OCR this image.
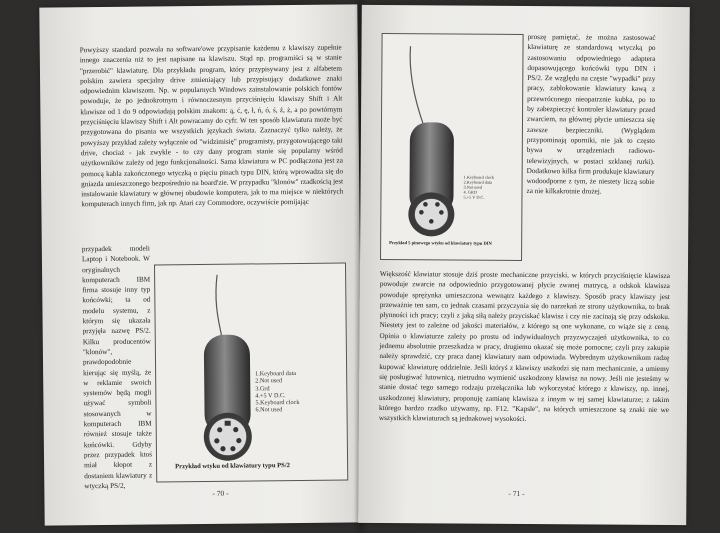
Powyższy standard pozwala na software'owe przypisanie każdemu z klawiszy zupełnie innego znaczenia niż to jest napisane na klawiszu. Stąd np. programiści są w stanie "przerobić" klawiaturę. Dla przykładu program, który przypisywany jest z alfabetem polskim zawiera specjalny drive zmieniający lub przypisujący dodatkowe znaki odpowiednim klawiszom. Np. w popularnych Windows zainstalowanie polskich fontów powoduje, że po jednokrotnym i równoczesnym przyciśnięciu klawiszy Shift i Alt klawisze od 1 do 9 odpowiadają polskim znakom: ą, ć, ę, ł, ń, ó, ś, ź, ż, a po powtórnym przyciśnięciu klawiszy Shift i Alt powracamy do cyfr. W ten sposób klawiatura może być przygotowana do pisania we wszystkich językach świata. Zaznaczyć tylko należy, że powyższy przykład zależy wyłącznie od "widzimisię" programisty, przygotowującego taki drive, chociaż - jak zwykle - to czy dany program stanie się popularny wśród użytkowników zależy od jego funkcjonalności. Sama klawiatura w PC podłączona jest za pomocą kabla zakończonego wtyczką o pięciu pinach typu DIN, którą wprowadza się do gniazda umieszczonego bezpośrednio na board'zie. W przypadku "klonów" rzadkością jest instalowanie klawiatury w głównej obudowie komputera, jak to ma miejsce w niektórych komputerach innych firm, jak np. Atari czy Commodore, oczywiście pomijając

przypadek modeli Laptop i Notebook. W oryginalnych komputerach IBM firma stosuje inny typ końcówki; ta od modelu systemu, z którym się ukazała przyjęła nazwę PS/2. Kilku producentów "klonów", prawdopodobnie kierując się myślą, że w reklamie swoich systemów będą mogli używać symboli stosowanych w komputerach IBM również stosuje także końcówki. Gdyby przez przypadek ktoś miał kłopot z dostaniem klawiatury z wtyczką PS/2,

1.Keyboard data
2.Not used
3.Grd
4.+5 V D.C.
5.Keyboard clock
6.Not used
Przykład wtyku od klawiatury typu PS/2
- 70 -
1.Keyboard clock
2.Keyboard data
3.Not used
4. GRD
5.+5 V D.C.
Przykład 5 pinowego wtyku od klawiatury typu DIN

proszę pamiętać, że można zastosować klawiaturę ze standardową wtyczką po zastosowaniu odpowiedniego adaptera dopasowującego końcówki typu DIN i PS/2. Ze względu na częste "wypadki" przy pracy, zablokowanie klawiatury kawą z przewróconego nieopatrznie kubka, po to by zabezpieczyć kontroler klawiatury przed zwarciem, na głównej płycie umieszcza się zawsze bezpieczniki. (Wyglądem przypominają oporniki, nie jak to często bywa w urządzeniach radiowo-telewizyjnych, w postaci szklanej rurki). Dodatkowo kilka firm produkuje klawiatury wodoodporne z tym, że niestety liczą sobie za nie kilkakrotnie drożej.

Większość klawiatur stosuje dziś proste mechaniczne przyciski, w których przyciśnięcie klawisza powoduje zwarcie na odpowiednio przygotowanej płycie zwanej matrycą, a odskok klawisza powoduje sprężynka umieszczona wewnątrz każdego z klawiszy. Sposób pracy klawiszy jest przeważnie ten sam, co jednak czasami przyczynia się do narzekań ze strony użytkownika, to brak płynności ich pracy; czyli z jaką siłą należy przyciskać klawisz i czy nie zacinają się przy odskoku. Niestety jest to zależne od jakości materiałów, z którego są one wykonane, co wiąże się z ceną. Opinia o klawiaturze zależy po prostu od indywidualnych przyzwyczajeń użytkownika, to co jednemu absolutnie przeszkadza w pracy, drugiemu okazać się może pomocne; czyli przy zakupie należy sprawdzić, czy praca danej klawiatury nam odpowiada. Wybrednym użytkownikom radzę kupować klawiaturę oddzielnie. Jeśli któryś z klawiszy uszkodzi się nam mechanicznie, a umiemy się posługiwać lutownicą, nietrudno wymienić uszkodzony klawisz na nowy. Jeśli nie jesteśmy w stanie dostać tego samego rodzaju przełącznika lub wykorzystać którego z klawiszy, np. innej, uszkodzonej klawiatury, proponuję zamianę klawisza z innym w tej samej klawiaturze; z takim którego bardzo rzadko używamy, np. F12. "Kapsle", na których umieszczone są znaki nie we wszystkich klawiaturach są jednakowej wysokości.

- 71 -
